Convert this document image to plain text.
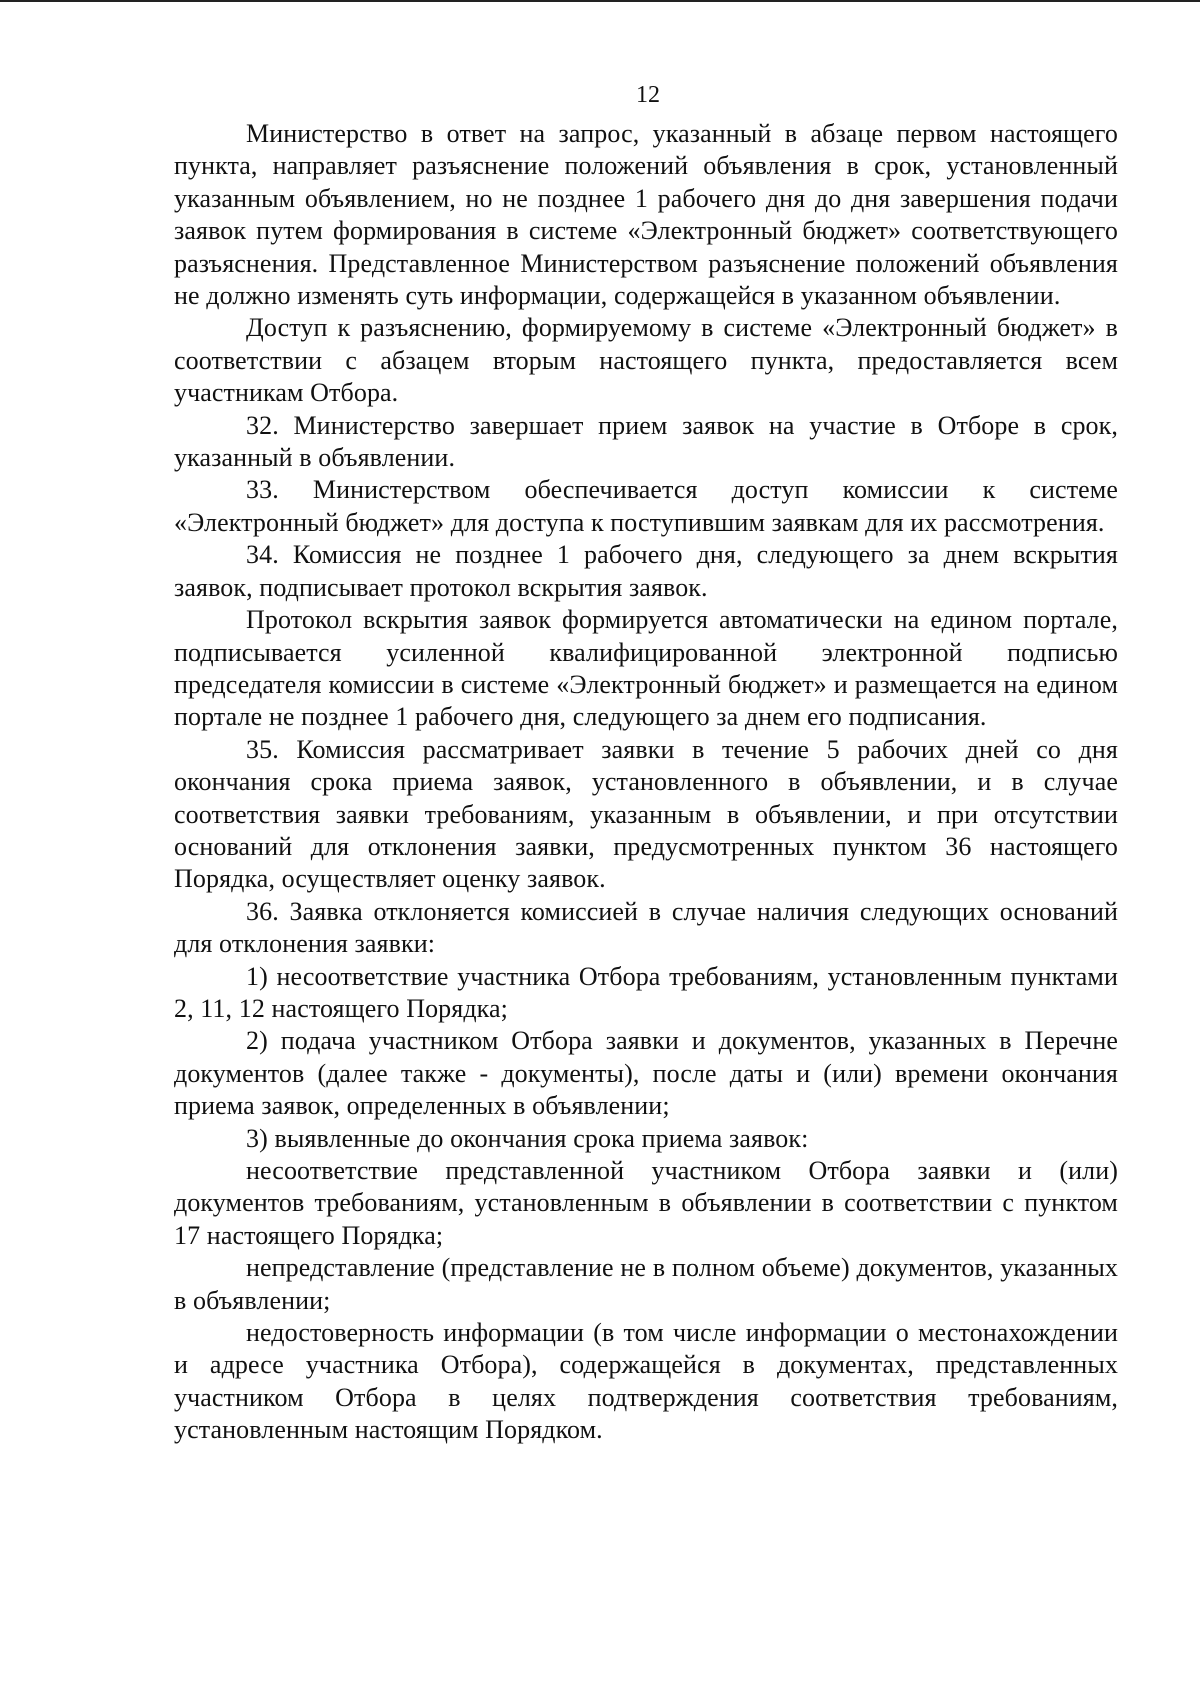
12

Министерство в ответ на запрос, указанный в абзаце первом настоящего пункта, направляет разъяснение положений объявления в срок, установленный указанным объявлением, но не позднее 1 рабочего дня до дня завершения подачи заявок путем формирования в системе «Электронный бюджет» соответствующего разъяснения. Представленное Министерством разъяснение положений объявления не должно изменять суть информации, содержащейся в указанном объявлении.

Доступ к разъяснению, формируемому в системе «Электронный бюджет» в соответствии с абзацем вторым настоящего пункта, предоставляется всем участникам Отбора.

32. Министерство завершает прием заявок на участие в Отборе в срок, указанный в объявлении.

33. Министерством обеспечивается доступ комиссии к системе «Электронный бюджет» для доступа к поступившим заявкам для их рассмотрения.

34. Комиссия не позднее 1 рабочего дня, следующего за днем вскрытия заявок, подписывает протокол вскрытия заявок.

Протокол вскрытия заявок формируется автоматически на едином портале, подписывается усиленной квалифицированной электронной подписью председателя комиссии в системе «Электронный бюджет» и размещается на едином портале не позднее 1 рабочего дня, следующего за днем его подписания.

35. Комиссия рассматривает заявки в течение 5 рабочих дней со дня окончания срока приема заявок, установленного в объявлении, и в случае соответствия заявки требованиям, указанным в объявлении, и при отсутствии оснований для отклонения заявки, предусмотренных пунктом 36 настоящего Порядка, осуществляет оценку заявок.

36. Заявка отклоняется комиссией в случае наличия следующих оснований для отклонения заявки:

1) несоответствие участника Отбора требованиям, установленным пунктами 2, 11, 12 настоящего Порядка;

2) подача участником Отбора заявки и документов, указанных в Перечне документов (далее также - документы), после даты и (или) времени окончания приема заявок, определенных в объявлении;

3) выявленные до окончания срока приема заявок:

несоответствие представленной участником Отбора заявки и (или) документов требованиям, установленным в объявлении в соответствии с пунктом 17 настоящего Порядка;

непредставление (представление не в полном объеме) документов, указанных в объявлении;

недостоверность информации (в том числе информации о местонахождении и адресе участника Отбора), содержащейся в документах, представленных участником Отбора в целях подтверждения соответствия требованиям, установленным настоящим Порядком.
